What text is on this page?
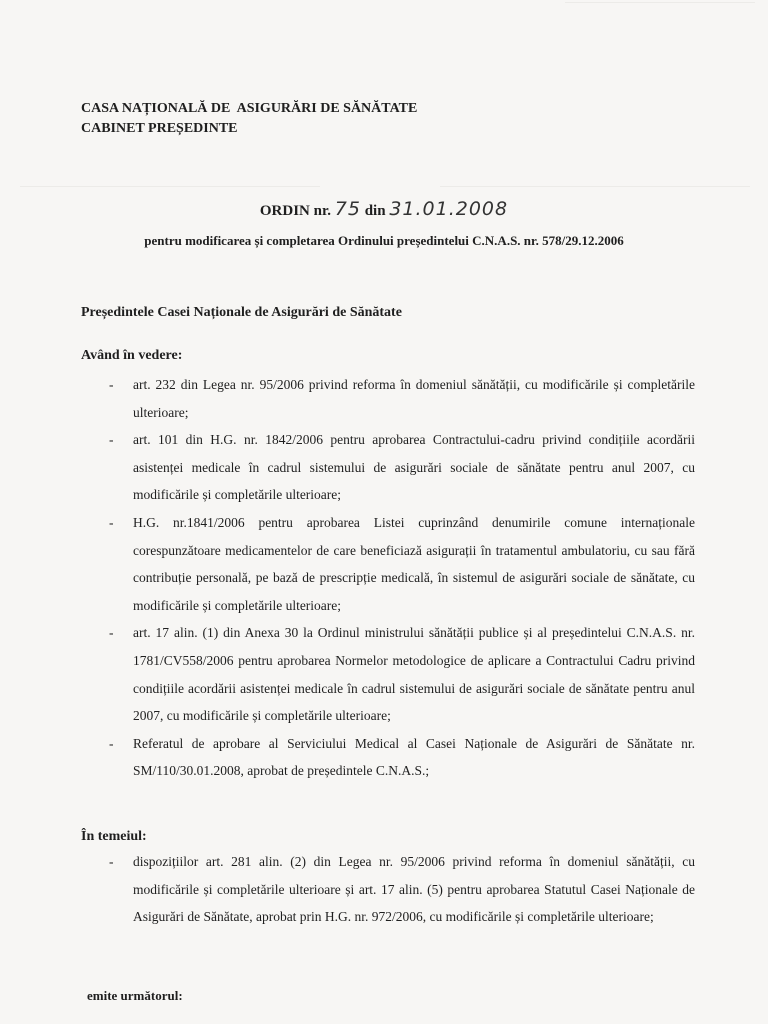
CASA NAȚIONALĂ DE  ASIGURĂRI DE SĂNĂTATE
CABINET PREȘEDINTE
ORDIN nr. 75 din 31.01.2008
pentru modificarea și completarea Ordinului președintelui C.N.A.S. nr. 578/29.12.2006
Președintele Casei Naționale de Asigurări de Sănătate
Având în vedere:
- art. 232 din Legea nr. 95/2006 privind reforma în domeniul sănătății, cu modificările și completările ulterioare;
- art. 101 din H.G. nr. 1842/2006 pentru aprobarea Contractului-cadru privind condițiile acordării asistenței medicale în cadrul sistemului de asigurări sociale de sănătate pentru anul 2007, cu modificările și completările ulterioare;
- H.G. nr.1841/2006 pentru aprobarea Listei cuprinzând denumirile comune internaționale corespunzătoare medicamentelor de care beneficiază asigurații în tratamentul ambulatoriu, cu sau fără contribuție personală, pe bază de prescripție medicală, în sistemul de asigurări sociale de sănătate, cu modificările și completările ulterioare;
- art. 17 alin. (1) din Anexa 30 la Ordinul ministrului sănătății publice și al președintelui C.N.A.S. nr. 1781/CV558/2006 pentru aprobarea Normelor metodologice de aplicare a Contractului Cadru privind condițiile acordării asistenței medicale în cadrul sistemului de asigurări sociale de sănătate pentru anul 2007, cu modificările și completările ulterioare;
- Referatul de aprobare al Serviciului Medical al Casei Naționale de Asigurări de Sănătate nr. SM/110/30.01.2008, aprobat de președintele C.N.A.S.;
În temeiul:
- dispozițiilor art. 281 alin. (2) din Legea nr. 95/2006 privind reforma în domeniul sănătății, cu modificările și completările ulterioare și art. 17 alin. (5) pentru aprobarea Statutul Casei Naționale de Asigurări de Sănătate, aprobat prin H.G. nr. 972/2006, cu modificările și completările ulterioare;
emite următorul:
